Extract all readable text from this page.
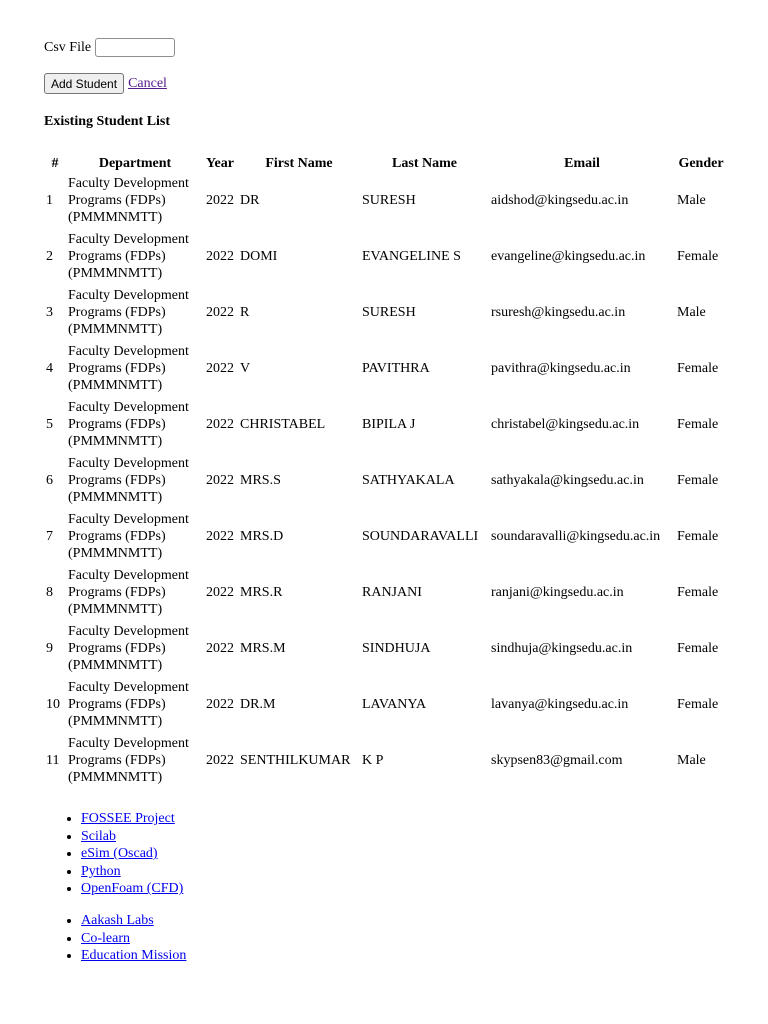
Csv File
Add Student Cancel
Existing Student List
#	Department	Year	First Name	Last Name	Email	Gender
1	Faculty Development Programs (FDPs) (PMMMNMTT)	2022	DR	SURESH	aidshod@kingsedu.ac.in	Male
2	Faculty Development Programs (FDPs) (PMMMNMTT)	2022	DOMI	EVANGELINE S	evangeline@kingsedu.ac.in	Female
3	Faculty Development Programs (FDPs) (PMMMNMTT)	2022	R	SURESH	rsuresh@kingsedu.ac.in	Male
4	Faculty Development Programs (FDPs) (PMMMNMTT)	2022	V	PAVITHRA	pavithra@kingsedu.ac.in	Female
5	Faculty Development Programs (FDPs) (PMMMNMTT)	2022	CHRISTABEL	BIPILA J	christabel@kingsedu.ac.in	Female
6	Faculty Development Programs (FDPs) (PMMMNMTT)	2022	MRS.S	SATHYAKALA	sathyakala@kingsedu.ac.in	Female
7	Faculty Development Programs (FDPs) (PMMMNMTT)	2022	MRS.D	SOUNDARAVALLI	soundaravalli@kingsedu.ac.in	Female
8	Faculty Development Programs (FDPs) (PMMMNMTT)	2022	MRS.R	RANJANI	ranjani@kingsedu.ac.in	Female
9	Faculty Development Programs (FDPs) (PMMMNMTT)	2022	MRS.M	SINDHUJA	sindhuja@kingsedu.ac.in	Female
10	Faculty Development Programs (FDPs) (PMMMNMTT)	2022	DR.M	LAVANYA	lavanya@kingsedu.ac.in	Female
11	Faculty Development Programs (FDPs) (PMMMNMTT)	2022	SENTHILKUMAR	K P	skypsen83@gmail.com	Male
• FOSSEE Project
• Scilab
• eSim (Oscad)
• Python
• OpenFoam (CFD)
• Aakash Labs
• Co-learn
• Education Mission
